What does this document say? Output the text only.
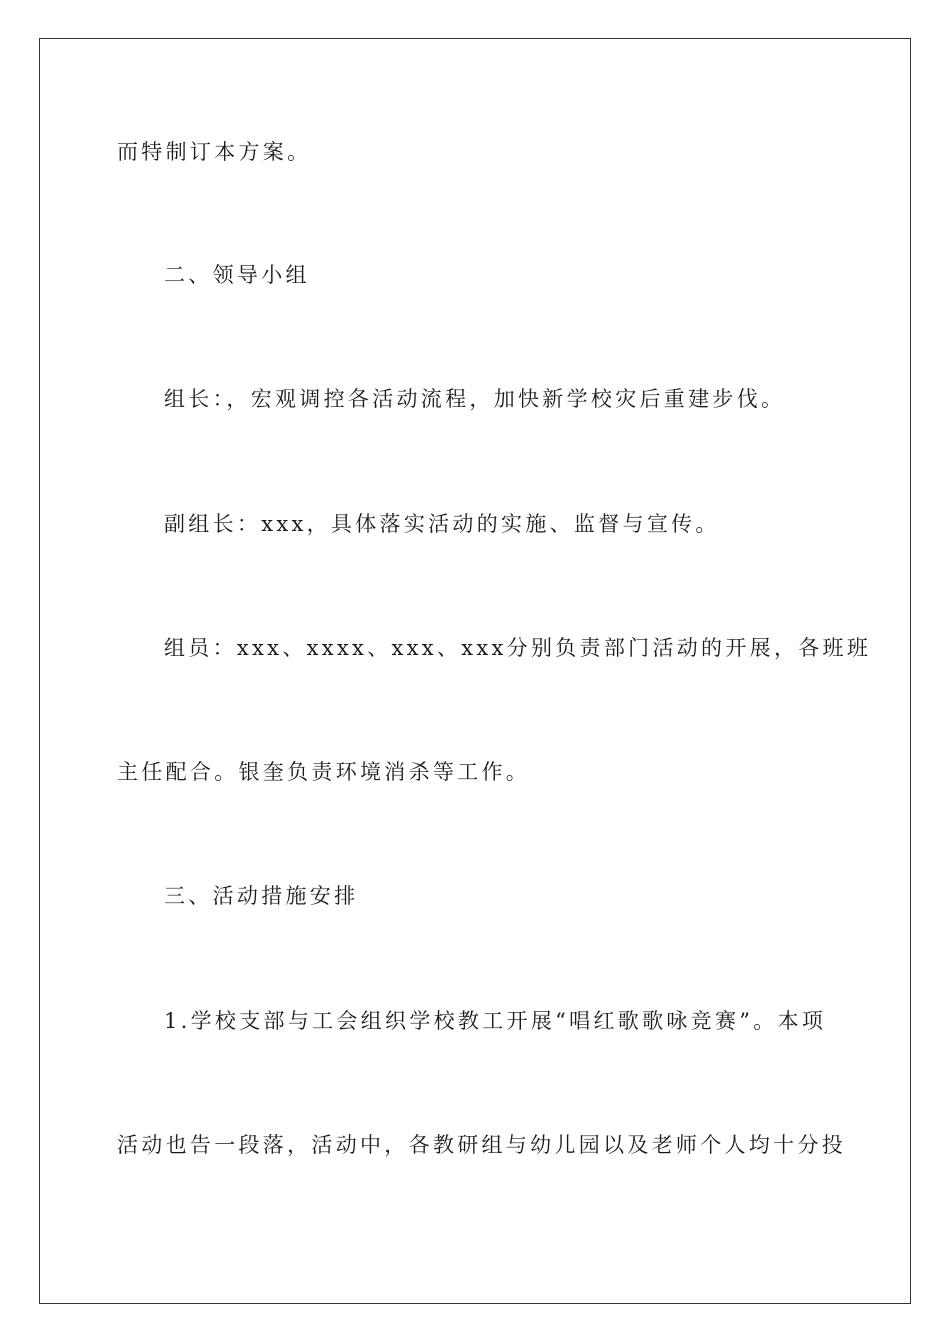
而特制订本方案。
二、领导小组
组长：，宏观调控各活动流程，加快新学校灾后重建步伐。
副组长：xxx，具体落实活动的实施、监督与宣传。
组员：xxx、xxxx、xxx、xxx分别负责部门活动的开展，各班班
主任配合。银奎负责环境消杀等工作。
三、活动措施安排
1.学校支部与工会组织学校教工开展“唱红歌歌咏竞赛”。本项
活动也告一段落，活动中，各教研组与幼儿园以及老师个人均十分投
